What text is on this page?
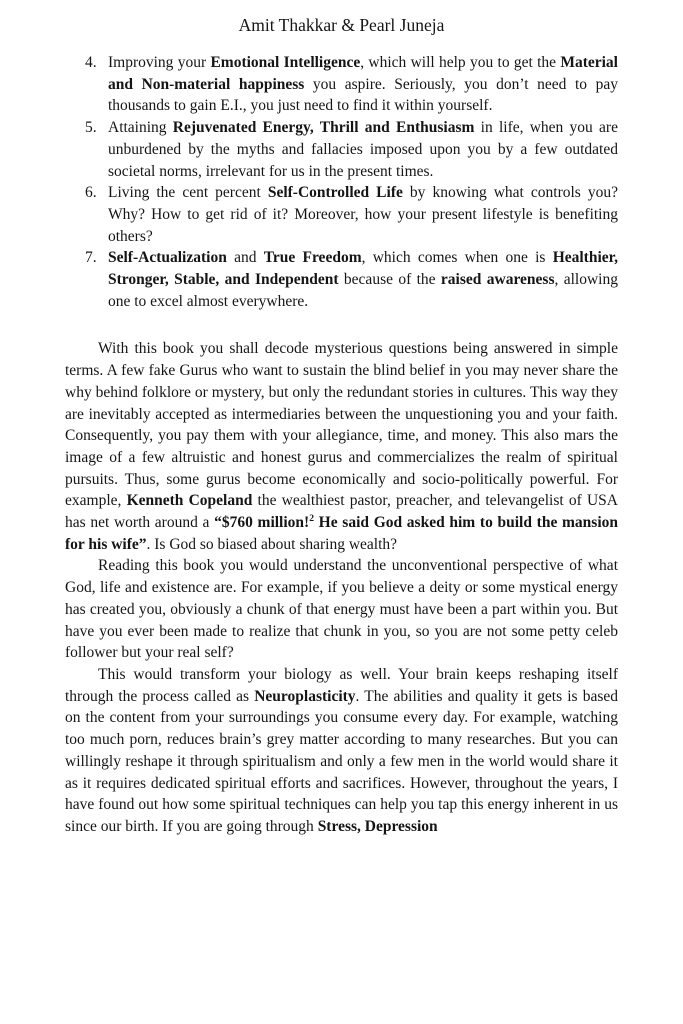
Amit Thakkar & Pearl Juneja
4. Improving your Emotional Intelligence, which will help you to get the Material and Non-material happiness you aspire. Seriously, you don’t need to pay thousands to gain E.I., you just need to find it within yourself.
5. Attaining Rejuvenated Energy, Thrill and Enthusiasm in life, when you are unburdened by the myths and fallacies imposed upon you by a few outdated societal norms, irrelevant for us in the present times.
6. Living the cent percent Self-Controlled Life by knowing what controls you? Why? How to get rid of it? Moreover, how your present lifestyle is benefiting others?
7. Self-Actualization and True Freedom, which comes when one is Healthier, Stronger, Stable, and Independent because of the raised awareness, allowing one to excel almost everywhere.

With this book you shall decode mysterious questions being answered in simple terms. A few fake Gurus who want to sustain the blind belief in you may never share the why behind folklore or mystery, but only the redundant stories in cultures. This way they are inevitably accepted as intermediaries between the unquestioning you and your faith. Consequently, you pay them with your allegiance, time, and money. This also mars the image of a few altruistic and honest gurus and commercializes the realm of spiritual pursuits. Thus, some gurus become economically and socio-politically powerful. For example, Kenneth Copeland the wealthiest pastor, preacher, and televangelist of USA has net worth around a “$760 million!$^2$ He said God asked him to build the mansion for his wife”. Is God so biased about sharing wealth?

Reading this book you would understand the unconventional perspective of what God, life and existence are. For example, if you believe a deity or some mystical energy has created you, obviously a chunk of that energy must have been a part within you. But have you ever been made to realize that chunk in you, so you are not some petty celeb follower but your real self?

This would transform your biology as well. Your brain keeps reshaping itself through the process called as Neuroplasticity. The abilities and quality it gets is based on the content from your surroundings you consume every day. For example, watching too much porn, reduces brain’s grey matter according to many researches. But you can willingly reshape it through spiritualism and only a few men in the world would share it as it requires dedicated spiritual efforts and sacrifices. However, throughout the years, I have found out how some spiritual techniques can help you tap this energy inherent in us since our birth. If you are going through Stress, Depression
